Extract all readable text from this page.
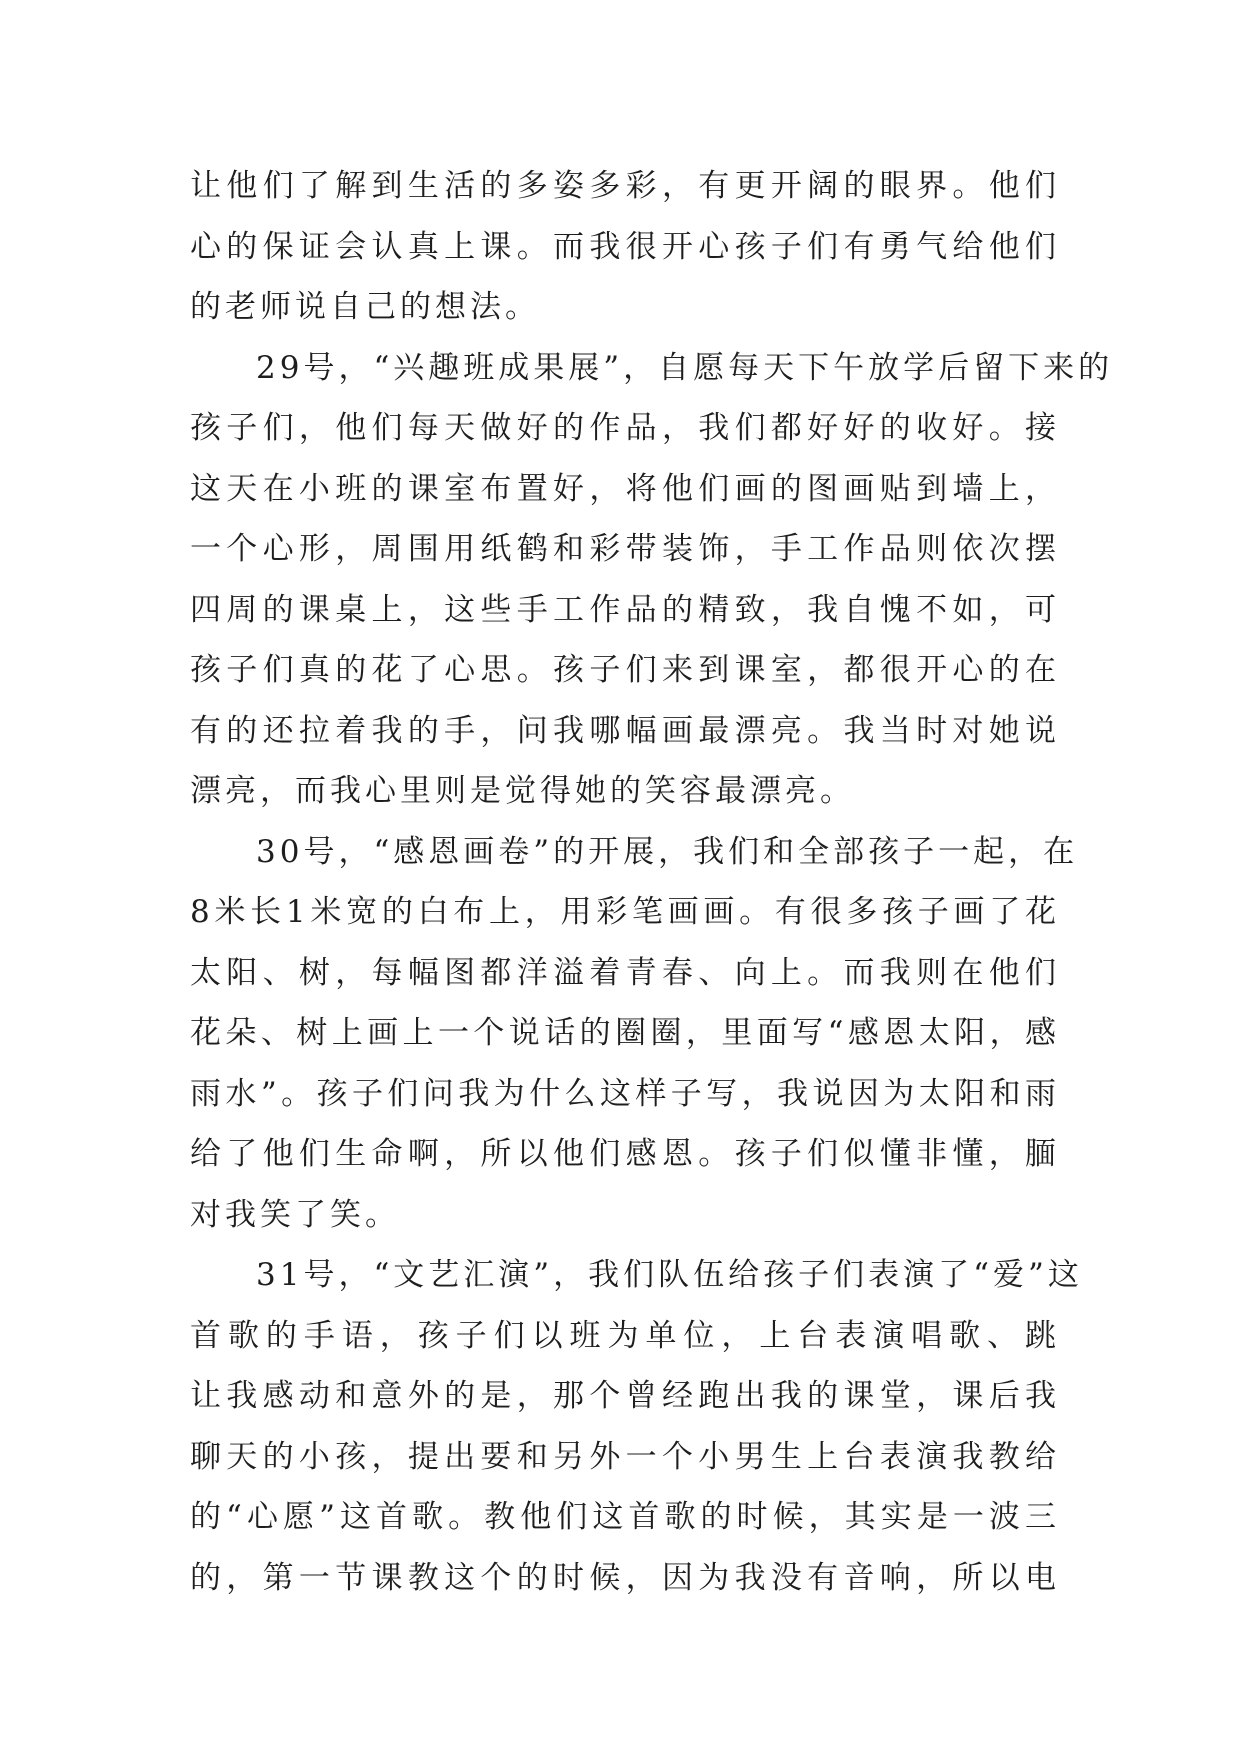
让他们了解到生活的多姿多彩，有更开阔的眼界。他们
心的保证会认真上课。而我很开心孩子们有勇气给他们
的老师说自己的想法。

29号，“兴趣班成果展”，自愿每天下午放学后留下来的
孩子们，他们每天做好的作品，我们都好好的收好。接
这天在小班的课室布置好，将他们画的图画贴到墙上，
一个心形，周围用纸鹤和彩带装饰，手工作品则依次摆
四周的课桌上，这些手工作品的精致，我自愧不如，可
孩子们真的花了心思。孩子们来到课室，都很开心的在
有的还拉着我的手，问我哪幅画最漂亮。我当时对她说
漂亮，而我心里则是觉得她的笑容最漂亮。

30号，“感恩画卷”的开展，我们和全部孩子一起，在
8米长1米宽的白布上，用彩笔画画。有很多孩子画了花
太阳、树，每幅图都洋溢着青春、向上。而我则在他们
花朵、树上画上一个说话的圈圈，里面写“感恩太阳，感
雨水”。孩子们问我为什么这样子写，我说因为太阳和雨
给了他们生命啊，所以他们感恩。孩子们似懂非懂，腼
对我笑了笑。

31号，“文艺汇演”，我们队伍给孩子们表演了“爱”这
首歌的手语，孩子们以班为单位，上台表演唱歌、跳
让我感动和意外的是，那个曾经跑出我的课堂，课后我
聊天的小孩，提出要和另外一个小男生上台表演我教给
的“心愿”这首歌。教他们这首歌的时候，其实是一波三
的，第一节课教这个的时候，因为我没有音响，所以电
